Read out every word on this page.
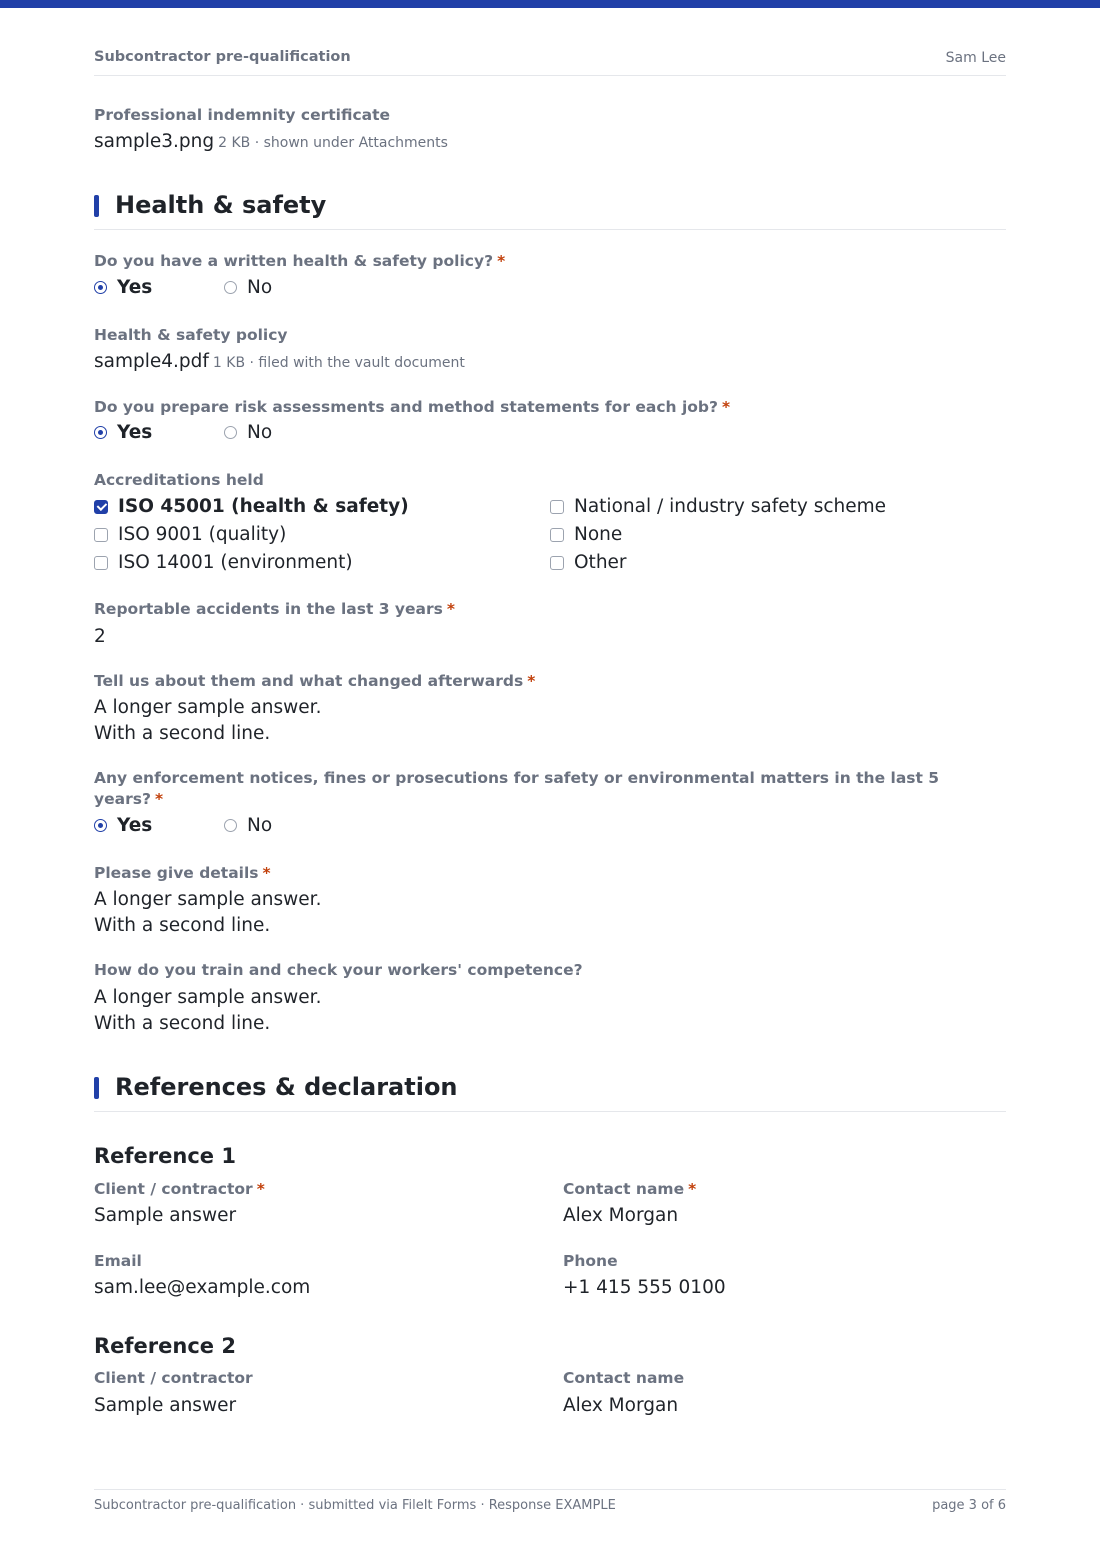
Subcontractor pre-qualification	Sam Lee
Professional indemnity certificate
sample3.png 2 KB · shown under Attachments
Health & safety
Do you have a written health & safety policy? *
Yes	No
Health & safety policy
sample4.pdf 1 KB · filed with the vault document
Do you prepare risk assessments and method statements for each job? *
Yes	No
Accreditations held
ISO 45001 (health & safety)
ISO 9001 (quality)
ISO 14001 (environment)
National / industry safety scheme
None
Other
Reportable accidents in the last 3 years *
2
Tell us about them and what changed afterwards *
A longer sample answer.
With a second line.
Any enforcement notices, fines or prosecutions for safety or environmental matters in the last 5 years? *
Yes	No
Please give details *
A longer sample answer.
With a second line.
How do you train and check your workers' competence?
A longer sample answer.
With a second line.
References & declaration
Reference 1
Client / contractor *
Sample answer
Contact name *
Alex Morgan
Email
sam.lee@example.com
Phone
+1 415 555 0100
Reference 2
Client / contractor
Sample answer
Contact name
Alex Morgan
Subcontractor pre-qualification · submitted via FileIt Forms · Response EXAMPLE	page 3 of 6
